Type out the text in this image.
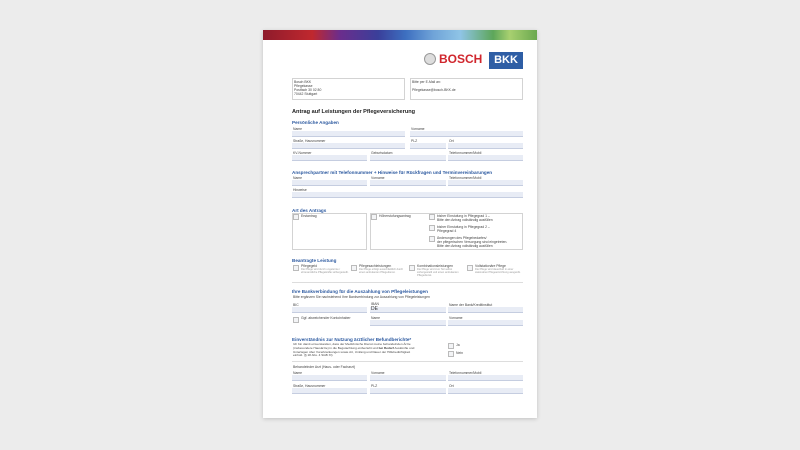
BOSCH	BKK
Bosch BKK
Pflegekasse
Postfach 30 02 80
70442 Stuttgart
Bitte per E-Mail an:
Pflegekasse@bosch-BKK.de
Antrag auf Leistungen der Pflegeversicherung
Persönliche Angaben
Name	Vorname
Straße, Hausnummer	PLZ	Ort
KV-Nummer	Geburtsdatum	Telefonnummer/Mobil
Ansprechpartner mit Telefonnummer + Hinweise für Rückfragen und Terminvereinbarungen
Name	Vorname	Telefonnummer/Mobil
Hinweise
Art des Antrags
Erstantrag	Höherstufungsantrag	bisher Einstufung in Pflegegrad 1 –
Bitte den Antrag vollständig ausfüllen
bisher Einstufung in Pflegegrad 2 –
Pflegegrad 4
Änderungen des Pflegebedarfes/
der pflegerischen Versorgung sind eingetreten.
Bitte den Antrag vollständig ausfüllen
Beantragte Leistung
Pflegegeld
Die Pflege wird durch ungelernte / ehrenamtliche Pflegekräfte sichergestellt.
Pflegesachleistungen
Die Pflege erfolgt ausschließlich durch einen ambulanten Pflegedienst.
Kombinationsleistungen
Die Pflege wird zum Teil selbst sichergestellt und einen ambulanten Pflegedienst.
Vollstationäre Pflege
Die Pflege wird dauerhaft in einer stationären Pflegeeinrichtung ausgeübt.
Ihre Bankverbindung für die Auszahlung von Pflegeleistungen
Bitte ergänzen Sie nachstehend Ihre Bankverbindung zur Auszahlung von Pflegeleistungen
BIC	IBAN
DE
Name der Bank/Kreditinstitut
Ggf. abweichender Kontoinhaber	Name	Vorname
Einverständnis zur Nutzung ärztlicher Befundberichte*
Ich bin damit einverstanden, dass der Medizinische Dienst meine behandelnden Ärzte
(insbesondere Hausärzte) in die Begutachtung einbezieht und bei Bedarf Auskünfte und
Unterlagen über Vorerkrankungen sowie Art, Umfang und Dauer der Hilfebedürftigkeit
einholt. (§ 18 Abs. 4 SGB XI)
Ja
Nein
Behandelnder Arzt (Haus- oder Facharzt)
Name	Vorname	Telefonnummer/Mobil
Straße, Hausnummer	PLZ	Ort
